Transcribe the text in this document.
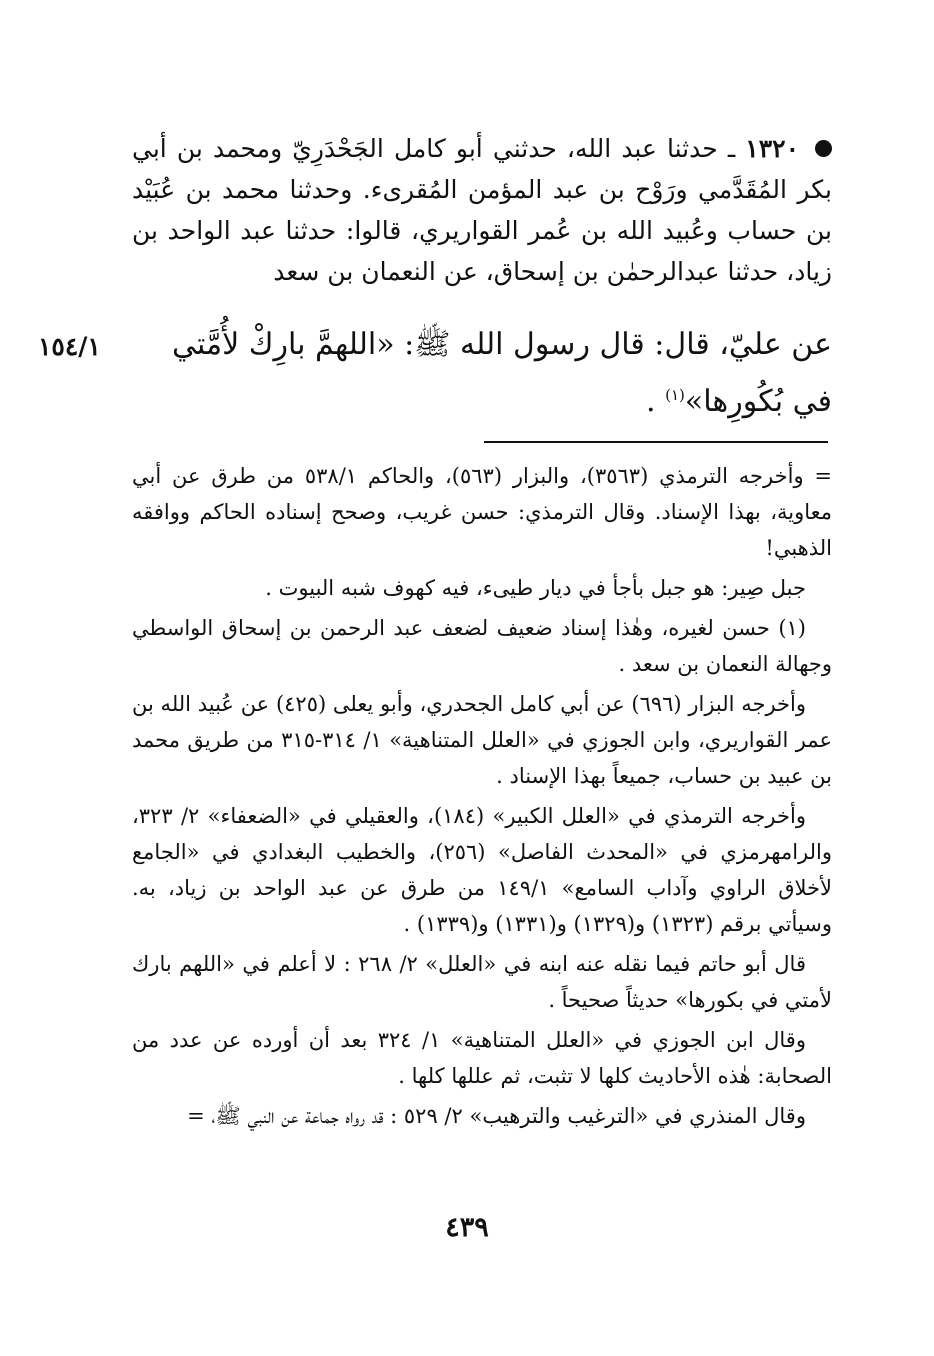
١٣٢٠ ـ حدثنا عبد الله، حدثني أبو كامل الجَحْدَرِيّ ومحمد بن أبي بكر المُقَدَّمي ورَوْح بن عبد المؤمن المُقرىء. وحدثنا محمد بن عُبَيْد بن حساب وعُبيد الله بن عُمر القواريري، قالوا: حدثنا عبد الواحد بن زياد، حدثنا عبدالرحمٰن بن إسحاق، عن النعمان بن سعد

عن عليّ، قال: قال رسول الله ﷺ: «اللهمَّ بارِكْ لأُمَّتي في بُكُورِها»$^{(١)}$ .

١٥٤/١

= وأخرجه الترمذي (٣٥٦٣)، والبزار (٥٦٣)، والحاكم ٥٣٨/١ من طرق عن أبي معاوية، بهذا الإسناد. وقال الترمذي: حسن غريب، وصحح إسناده الحاكم ووافقه الذهبي!

جبل صِير: هو جبل بأجأ في ديار طيىء، فيه كهوف شبه البيوت .

(١) حسن لغيره، وهٰذا إسناد ضعيف لضعف عبد الرحمن بن إسحاق الواسطي وجهالة النعمان بن سعد .

وأخرجه البزار (٦٩٦) عن أبي كامل الجحدري، وأبو يعلى (٤٢٥) عن عُبيد الله بن عمر القواريري، وابن الجوزي في «العلل المتناهية» ١/ ٣١٤-٣١٥ من طريق محمد بن عبيد بن حساب، جميعاً بهذا الإسناد .

وأخرجه الترمذي في «العلل الكبير» (١٨٤)، والعقيلي في «الضعفاء» ٢/ ٣٢٣، والرامهرمزي في «المحدث الفاصل» (٢٥٦)، والخطيب البغدادي في «الجامع لأخلاق الراوي وآداب السامع» ١٤٩/١ من طرق عن عبد الواحد بن زياد، به. وسيأتي برقم (١٣٢٣) و(١٣٢٩) و(١٣٣١) و(١٣٣٩) .

قال أبو حاتم فيما نقله عنه ابنه في «العلل» ٢/ ٢٦٨ : لا أعلم في «اللهم بارك لأمتي في بكورها» حديثاً صحيحاً .

وقال ابن الجوزي في «العلل المتناهية» ١/ ٣٢٤ بعد أن أورده عن عدد من الصحابة: هٰذه الأحاديث كلها لا تثبت، ثم عللها كلها .

وقال المنذري في «الترغيب والترهيب» ٢/ ٥٢٩ : قد رواه جماعة عن النبي ﷺ، =

٤٣٩
